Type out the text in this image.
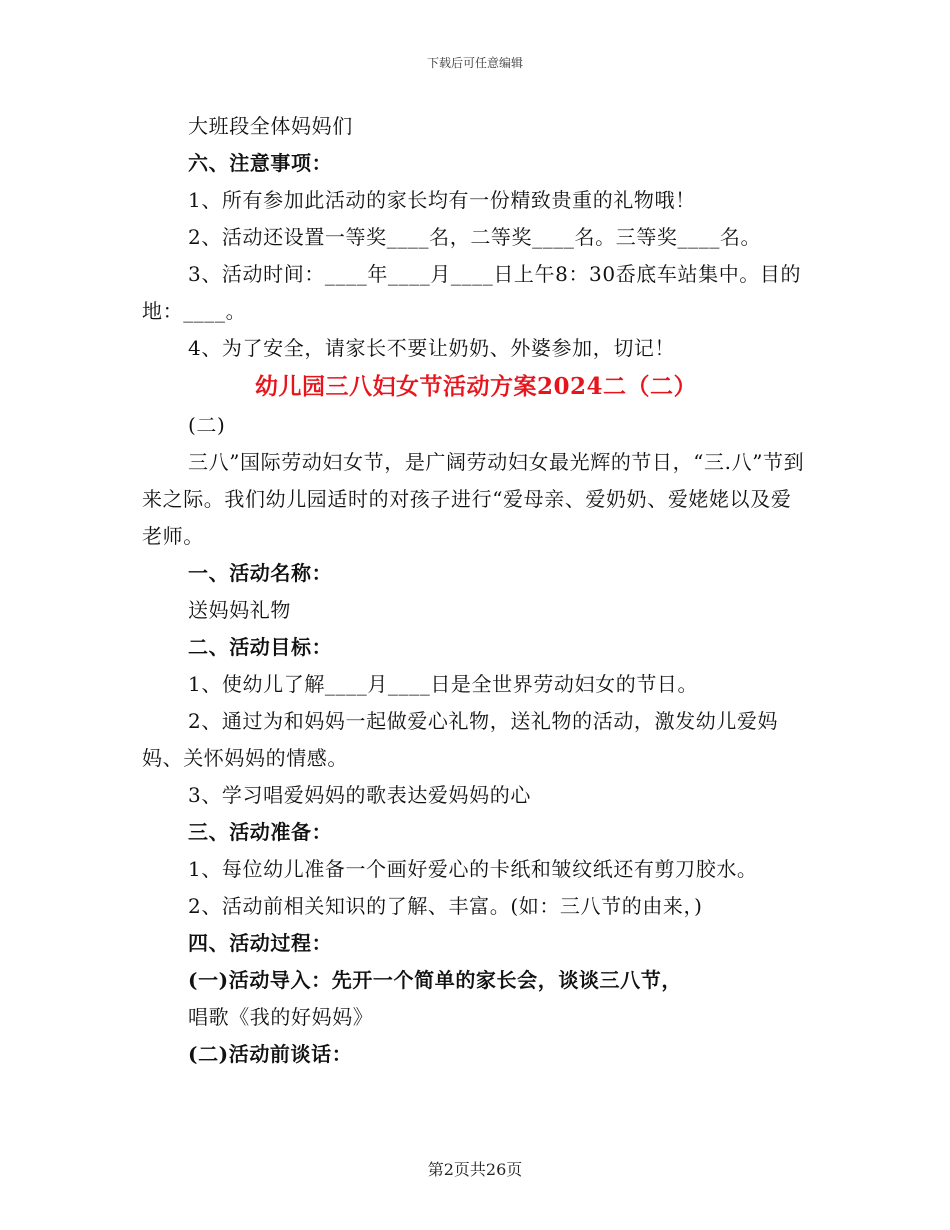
下载后可任意编辑

大班段全体妈妈们

六、注意事项：

1、所有参加此活动的家长均有一份精致贵重的礼物哦！

2、活动还设置一等奖____名，二等奖____名。三等奖____名。

3、活动时间：____年____月____日上午8：30岙底车站集中。目的地：____。

4、为了安全，请家长不要让奶奶、外婆参加，切记！

幼儿园三八妇女节活动方案2024二（二）

(二)

三八”国际劳动妇女节，是广阔劳动妇女最光辉的节日，“三.八”节到来之际。我们幼儿园适时的对孩子进行“爱母亲、爱奶奶、爱姥姥以及爱老师。

一、活动名称：

送妈妈礼物

二、活动目标：

1、使幼儿了解____月____日是全世界劳动妇女的节日。

2、通过为和妈妈一起做爱心礼物，送礼物的活动，激发幼儿爱妈妈、关怀妈妈的情感。

3、学习唱爱妈妈的歌表达爱妈妈的心

三、活动准备：

1、每位幼儿准备一个画好爱心的卡纸和皱纹纸还有剪刀胶水。

2、活动前相关知识的了解、丰富。(如：三八节的由来，)

四、活动过程：

(一)活动导入：先开一个简单的家长会，谈谈三八节，

唱歌《我的好妈妈》

(二)活动前谈话：

第2页共26页
